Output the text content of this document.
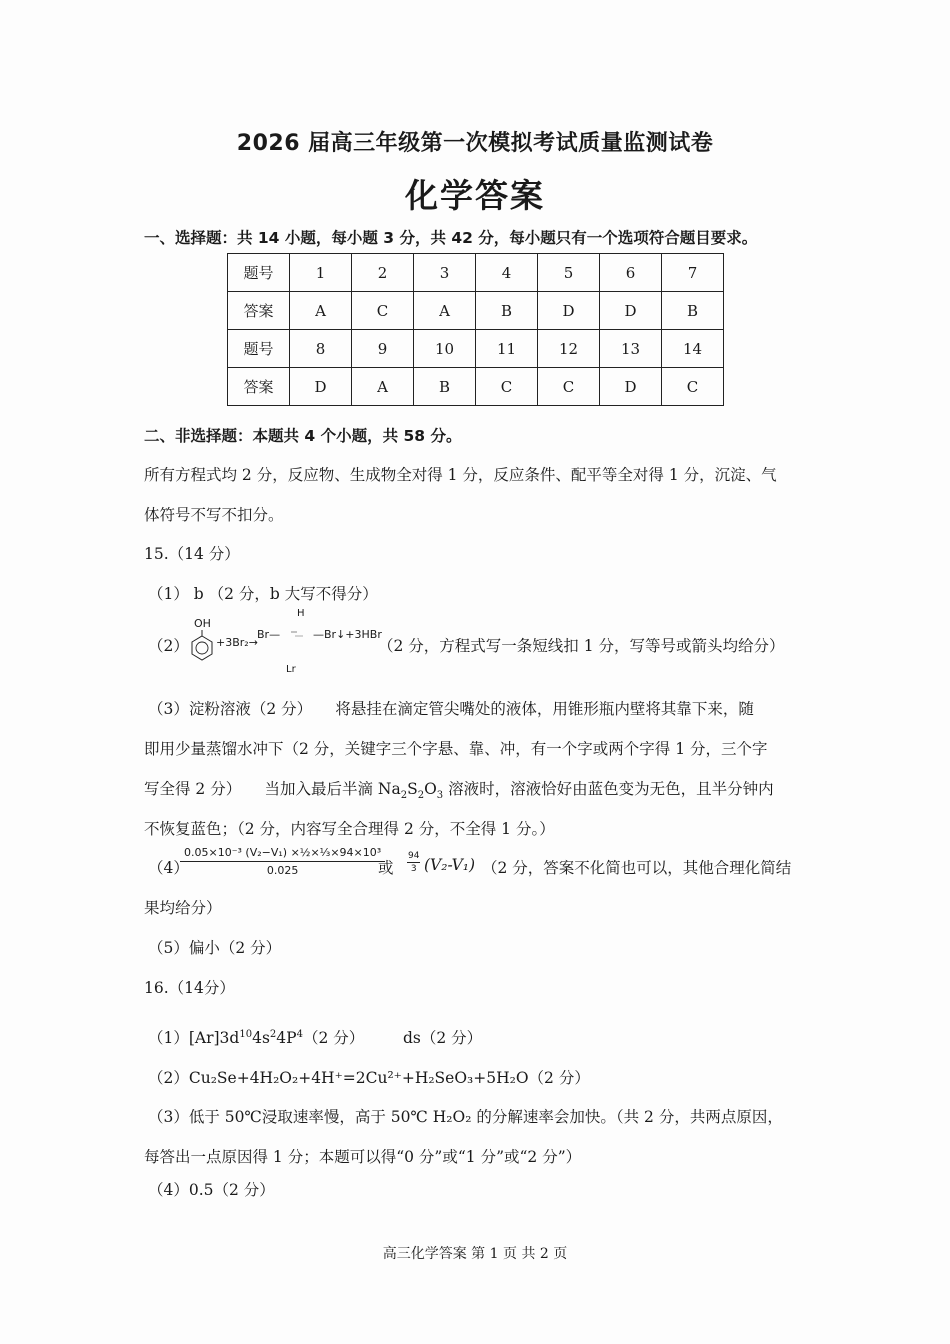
2026 届高三年级第一次模拟考试质量监测试卷
化学答案
一、选择题：共 14 小题，每小题 3 分，共 42 分，每小题只有一个选项符合题目要求。
题号	1	2	3	4	5	6	7
答案	A	C	A	B	D	D	B
题号	8	9	10	11	12	13	14
答案	D	A	B	C	C	D	C
二、非选择题：本题共 4 个小题，共 58 分。
所有方程式均 2 分，反应物、生成物全对得 1 分，反应条件、配平等全对得 1 分，沉淀、气
体符号不写不扣分。
15.（14 分）
（1） b （2 分，b 大写不得分）
（2）
OH
+3Br₂→
Br—
H
—Br↓+3HBr
Lr
（2 分，方程式写一条短线扣 1 分，写等号或箭头均给分）
（3）淀粉溶液（2 分）　　将悬挂在滴定管尖嘴处的液体，用锥形瓶内壁将其靠下来，随
即用少量蒸馏水冲下（2 分，关键字三个字悬、靠、冲，有一个字或两个字得 1 分，三个字
写全得 2 分）　　当加入最后半滴 $Na_2S_2O_3$ 溶液时，溶液恰好由蓝色变为无色，且半分钟内
不恢复蓝色；（2 分，内容写全合理得 2 分，不全得 1 分。）
（4）
$\frac{\text{0.05×10⁻³ (V₂−V₁) ×½×⅓×94×10³}}{0.025}$
或 $\frac{94}{3} (V_2-V_1)$ （2 分，答案不化简也可以，其他合理化简结
果均给分）
（5）偏小（2 分）
16.（14分）
$(1)[Ar]3d^{10}4s^24P^4(2$ 分）　　　ds（2 分）
（2）Cu₂Se+4H₂O₂+4H⁺=2Cu²⁺+H₂SeO₃+5H₂O（2 分）
（3）低于 50℃浸取速率慢，高于 50℃ H₂O₂ 的分解速率会加快。（共 2 分，共两点原因，
每答出一点原因得 1 分；本题可以得“0 分”或“1 分”或“2 分”）
（4）0.5（2 分）
高三化学答案 第 1 页 共 2 页
